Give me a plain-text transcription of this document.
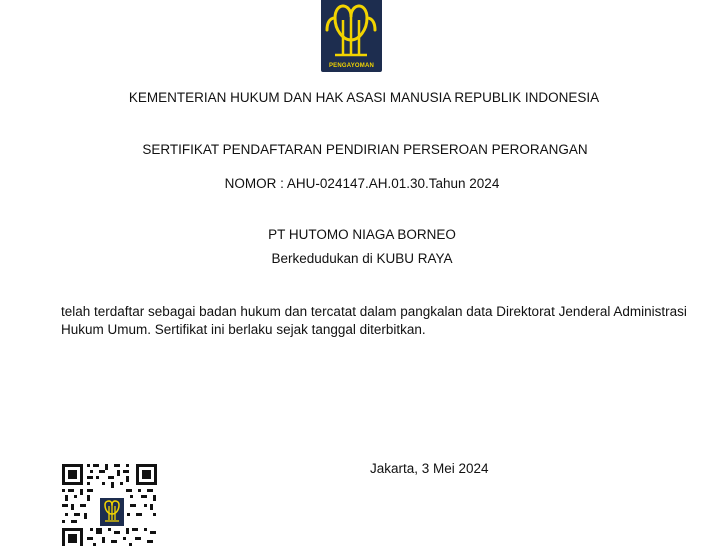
PENGAYOMAN
KEMENTERIAN HUKUM DAN HAK ASASI MANUSIA REPUBLIK INDONESIA
SERTIFIKAT PENDAFTARAN PENDIRIAN PERSEROAN PERORANGAN
NOMOR : AHU-024147.AH.01.30.Tahun 2024
PT HUTOMO NIAGA BORNEO
Berkedudukan di KUBU RAYA
telah terdaftar sebagai badan hukum dan tercatat dalam pangkalan data Direktorat Jenderal Administrasi Hukum Umum. Sertifikat ini berlaku sejak tanggal diterbitkan.
Jakarta, 3 Mei 2024
